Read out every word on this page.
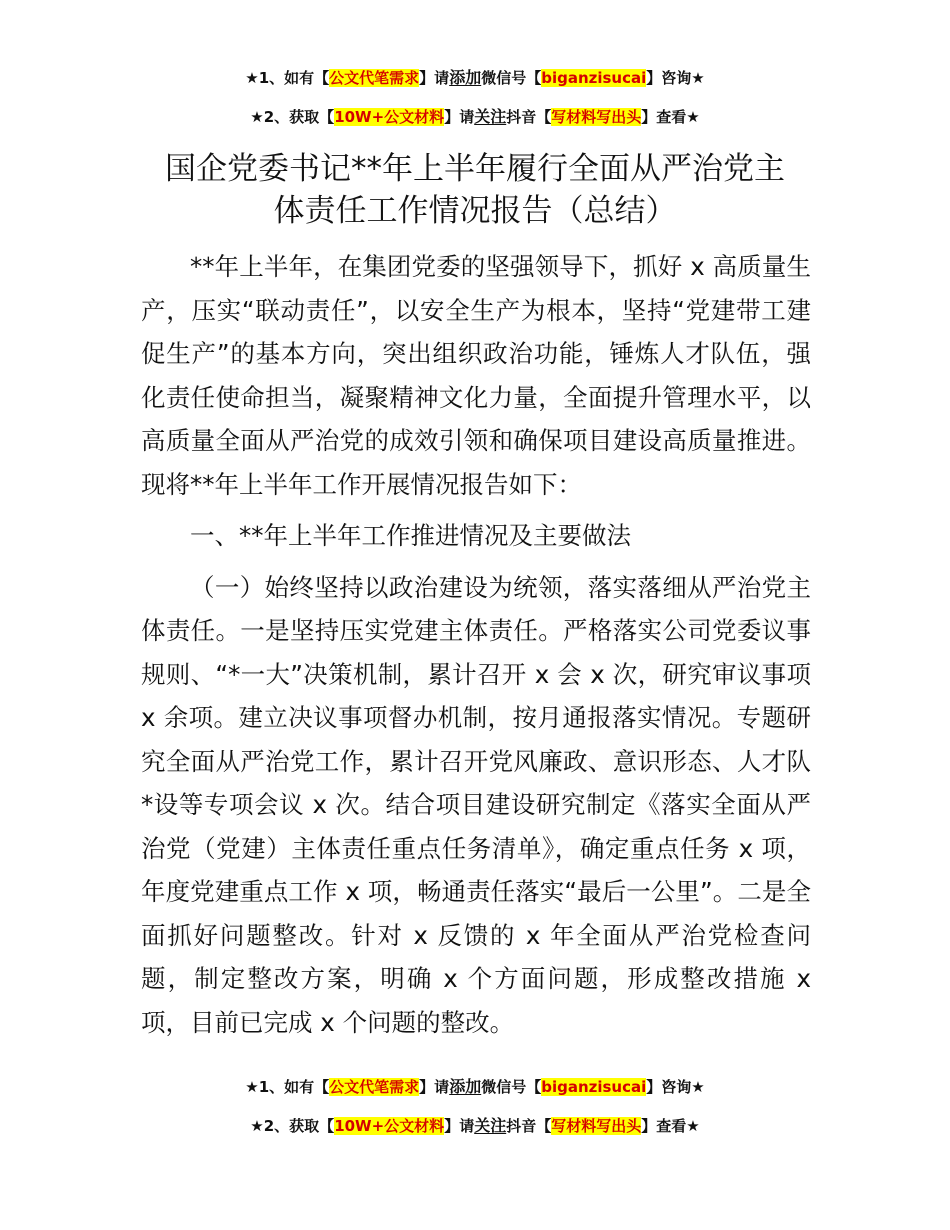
★1、如有【公文代笔需求】请添加微信号【biganzisucai】咨询★
★2、获取【10W+公文材料】请关注抖音【写材料写出头】查看★
国企党委书记**年上半年履行全面从严治党主
体责任工作情况报告（总结）

**年上半年，在集团党委的坚强领导下，抓好 x 高质量生产，压实“联动责任”，以安全生产为根本，坚持“党建带工建促生产”的基本方向，突出组织政治功能，锤炼人才队伍，强化责任使命担当，凝聚精神文化力量，全面提升管理水平，以高质量全面从严治党的成效引领和确保项目建设高质量推进。现将**年上半年工作开展情况报告如下：

一、**年上半年工作推进情况及主要做法

（一）始终坚持以政治建设为统领，落实落细从严治党主体责任。一是坚持压实党建主体责任。严格落实公司党委议事规则、“*一大”决策机制，累计召开 x 会 x 次，研究审议事项 x 余项。建立决议事项督办机制，按月通报落实情况。专题研究全面从严治党工作，累计召开党风廉政、意识形态、人才队*设等专项会议 x 次。结合项目建设研究制定《落实全面从严治党（党建）主体责任重点任务清单》，确定重点任务 x 项，年度党建重点工作 x 项，畅通责任落实“最后一公里”。二是全面抓好问题整改。针对 x 反馈的 x 年全面从严治党检查问题，制定整改方案，明确 x 个方面问题，形成整改措施 x 项，目前已完成 x 个问题的整改。

★1、如有【公文代笔需求】请添加微信号【biganzisucai】咨询★
★2、获取【10W+公文材料】请关注抖音【写材料写出头】查看★
